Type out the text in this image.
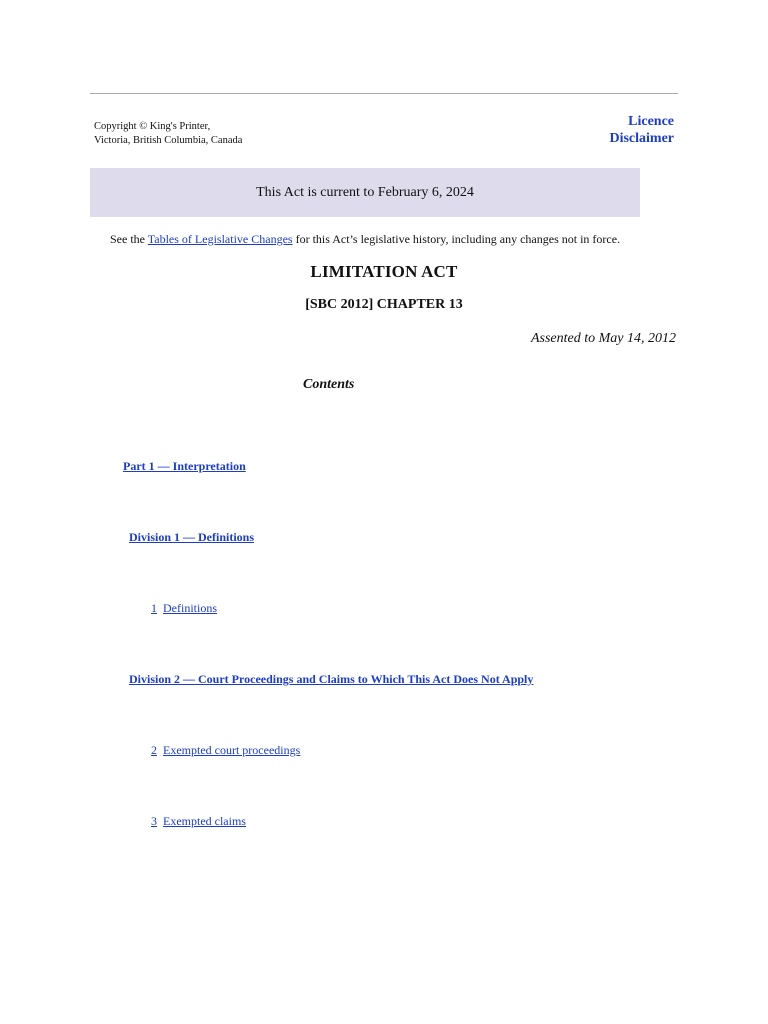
Copyright © King's Printer,
Victoria, British Columbia, Canada
Licence
Disclaimer
This Act is current to February 6, 2024
See the Tables of Legislative Changes for this Act’s legislative history, including any changes not in force.
LIMITATION ACT
[SBC 2012] CHAPTER 13
Assented to May 14, 2012
Contents
Part 1 — Interpretation
Division 1 — Definitions
1 Definitions
Division 2 — Court Proceedings and Claims to Which This Act Does Not Apply
2 Exempted court proceedings
3 Exempted claims
